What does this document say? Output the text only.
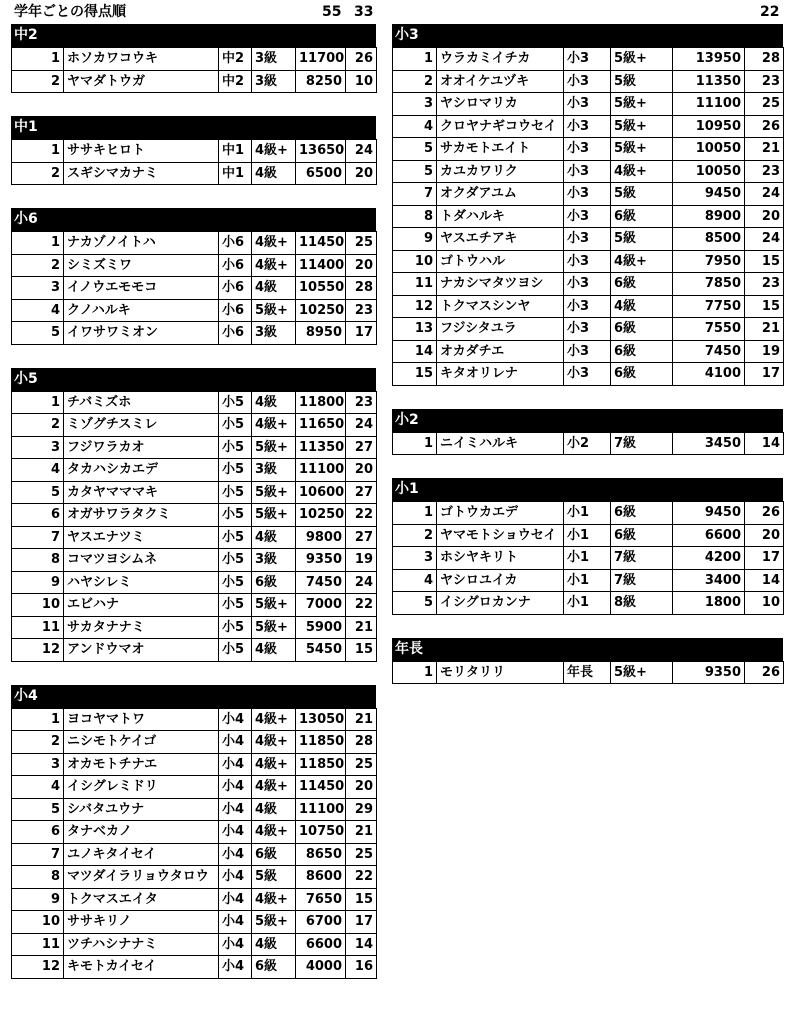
学年ごとの得点順	55 33	22
中2
1	ホソカワコウキ	中2	3級	11700	26
2	ヤマダトウガ	中2	3級	8250	10
中1
1	ササキヒロト	中1	4級+	13650	24
2	スギシマカナミ	中1	4級	6500	20
小6
1	ナカゾノイトハ	小6	4級+	11450	25
2	シミズミワ	小6	4級+	11400	20
3	イノウエモモコ	小6	4級	10550	28
4	クノハルキ	小6	5級+	10250	23
5	イワサワミオン	小6	3級	8950	17
小5
1	チバミズホ	小5	4級	11800	23
2	ミゾグチスミレ	小5	4級+	11650	24
3	フジワラカオ	小5	5級+	11350	27
4	タカハシカエデ	小5	3級	11100	20
5	カタヤマママキ	小5	5級+	10600	27
6	オガサワラタクミ	小5	5級+	10250	22
7	ヤスエナツミ	小5	4級	9800	27
8	コマツヨシムネ	小5	3級	9350	19
9	ハヤシレミ	小5	6級	7450	24
10	エビハナ	小5	5級+	7000	22
11	サカタナナミ	小5	5級+	5900	21
12	アンドウマオ	小5	4級	5450	15
小4
1	ヨコヤマトワ	小4	4級+	13050	21
2	ニシモトケイゴ	小4	4級+	11850	28
3	オカモトチナエ	小4	4級+	11850	25
4	イシグレミドリ	小4	4級+	11450	20
5	シバタユウナ	小4	4級	11100	29
6	タナベカノ	小4	4級+	10750	21
7	ユノキタイセイ	小4	6級	8650	25
8	マツダイラリョウタロウ	小4	5級	8600	22
9	トクマスエイタ	小4	4級+	7650	15
10	ササキリノ	小4	5級+	6700	17
11	ツチハシナナミ	小4	4級	6600	14
12	キモトカイセイ	小4	6級	4000	16
小3
1	ウラカミイチカ	小3	5級+	13950	28
2	オオイケユヅキ	小3	5級	11350	23
3	ヤシロマリカ	小3	5級+	11100	25
4	クロヤナギコウセイ	小3	5級+	10950	26
5	サカモトエイト	小3	5級+	10050	21
5	カユカワリク	小3	4級+	10050	23
7	オクダアユム	小3	5級	9450	24
8	トダハルキ	小3	6級	8900	20
9	ヤスエチアキ	小3	5級	8500	24
10	ゴトウハル	小3	4級+	7950	15
11	ナカシマタツヨシ	小3	6級	7850	23
12	トクマスシンヤ	小3	4級	7750	15
13	フジシタユラ	小3	6級	7550	21
14	オカダチエ	小3	6級	7450	19
15	キタオリレナ	小3	6級	4100	17
小2
1	ニイミハルキ	小2	7級	3450	14
小1
1	ゴトウカエデ	小1	6級	9450	26
2	ヤマモトショウセイ	小1	6級	6600	20
3	ホシヤキリト	小1	7級	4200	17
4	ヤシロユイカ	小1	7級	3400	14
5	イシグロカンナ	小1	8級	1800	10
年長
1	モリタリリ	年長	5級+	9350	26
